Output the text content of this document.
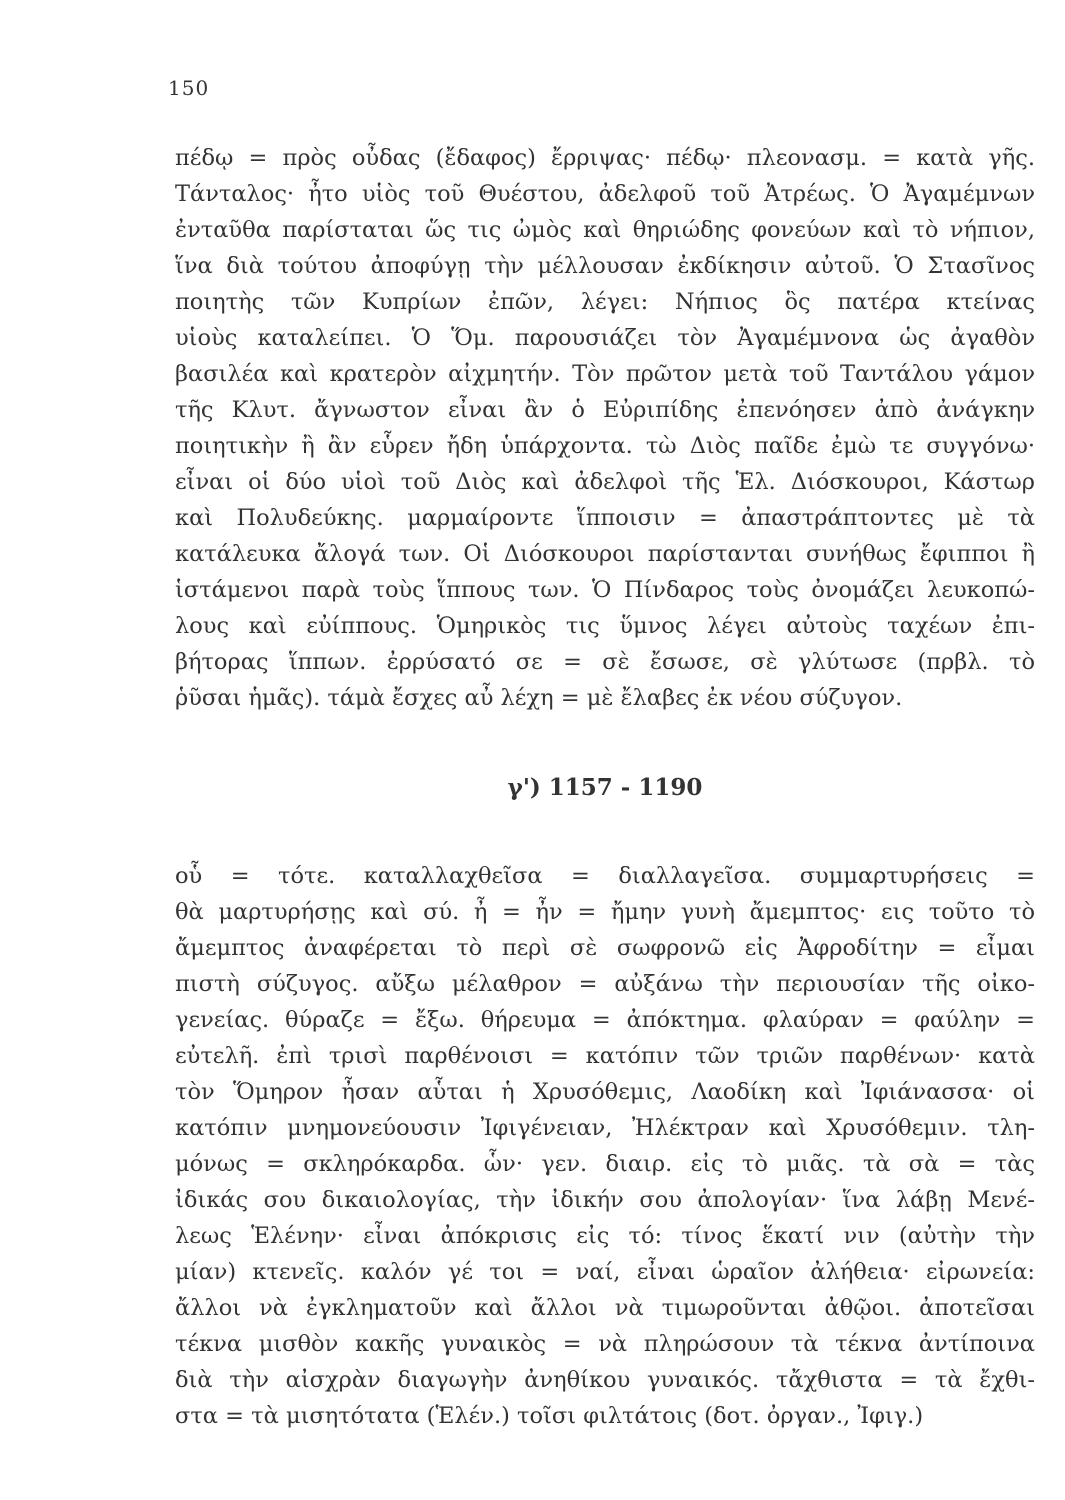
150
πέδῳ = πρὸς οὖδας (ἔδαφος) ἔρριψας· πέδῳ· πλεονασμ. = κατὰ γῆς.
Τάνταλος· ἦτο υἱὸς τοῦ Θυέστου, ἀδελφοῦ τοῦ Ἀτρέως. Ὁ Ἀγαμέμνων
ἐνταῦθα παρίσταται ὥς τις ὠμὸς καὶ θηριώδης φονεύων καὶ τὸ νήπιον,
ἵνα διὰ τούτου ἀποφύγῃ τὴν μέλλουσαν ἐκδίκησιν αὐτοῦ. Ὁ Στασῖνος
ποιητὴς τῶν Κυπρίων ἐπῶν, λέγει: Νήπιος ὃς πατέρα κτείνας
υἱοὺς καταλείπει. Ὁ Ὅμ. παρουσιάζει τὸν Ἀγαμέμνονα ὡς ἀγαθὸν
βασιλέα καὶ κρατερὸν αἰχμητήν. Τὸν πρῶτον μετὰ τοῦ Ταντάλου γάμον
τῆς Κλυτ. ἄγνωστον εἶναι ἂν ὁ Εὐριπίδης ἐπενόησεν ἀπὸ ἀνάγκην
ποιητικὴν ἢ ἂν εὗρεν ἤδη ὑπάρχοντα. τὼ Διὸς παῖδε ἐμὼ τε συγγόνω·
εἶναι οἱ δύο υἱοὶ τοῦ Διὸς καὶ ἀδελφοὶ τῆς Ἑλ. Διόσκουροι, Κάστωρ
καὶ Πολυδεύκης. μαρμαίροντε ἵπποισιν = ἀπαστράπτοντες μὲ τὰ
κατάλευκα ἄλογά των. Οἱ Διόσκουροι παρίστανται συνήθως ἔφιπποι ἢ
ἱστάμενοι παρὰ τοὺς ἵππους των. Ὁ Πίνδαρος τοὺς ὀνομάζει λευκοπώ-
λους καὶ εὐίππους. Ὁμηρικὸς τις ὕμνος λέγει αὐτοὺς ταχέων ἐπι-
βήτορας ἵππων. ἐρρύσατό σε = σὲ ἔσωσε, σὲ γλύτωσε (πρβλ. τὸ
ῥῦσαι ἡμᾶς). τάμὰ ἔσχες αὖ λέχη = μὲ ἔλαβες ἐκ νέου σύζυγον.
γ') 1157 - 1190
οὗ = τότε. καταλλαχθεῖσα = διαλλαγεῖσα. συμμαρτυρήσεις =
θὰ μαρτυρήσῃς καὶ σύ. ἦ = ἦν = ἤμην γυνὴ ἄμεμπτος· εις τοῦτο τὸ
ἄμεμπτος ἀναφέρεται τὸ περὶ σὲ σωφρονῶ εἰς Ἀφροδίτην = εἶμαι
πιστὴ σύζυγος. αὔξω μέλαθρον = αὐξάνω τὴν περιουσίαν τῆς οἰκο-
γενείας. θύραζε = ἔξω. θήρευμα = ἀπόκτημα. φλαύραν = φαύλην =
εὐτελῆ. ἐπὶ τρισὶ παρθένοισι = κατόπιν τῶν τριῶν παρθένων· κατὰ
τὸν Ὅμηρον ἦσαν αὗται ἡ Χρυσόθεμις, Λαοδίκη καὶ Ἰφιάνασσα· οἱ
κατόπιν μνημονεύουσιν Ἰφιγένειαν, Ἠλέκτραν καὶ Χρυσόθεμιν. τλη-
μόνως = σκληρόκαρδα. ὧν· γεν. διαιρ. εἰς τὸ μιᾶς. τὰ σὰ = τὰς
ἰδικάς σου δικαιολογίας, τὴν ἰδικήν σου ἀπολογίαν· ἵνα λάβῃ Μενέ-
λεως Ἑλένην· εἶναι ἀπόκρισις εἰς τό: τίνος ἕκατί νιν (αὐτὴν τὴν
μίαν) κτενεῖς. καλόν γέ τοι = ναί, εἶναι ὡραῖον ἀλήθεια· εἰρωνεία:
ἄλλοι νὰ ἐγκληματοῦν καὶ ἄλλοι νὰ τιμωροῦνται ἀθῷοι. ἀποτεῖσαι
τέκνα μισθὸν κακῆς γυναικὸς = νὰ πληρώσουν τὰ τέκνα ἀντίποινα
διὰ τὴν αἰσχρὰν διαγωγὴν ἀνηθίκου γυναικός. τἄχθιστα = τὰ ἔχθι-
στα = τὰ μισητότατα (Ἑλέν.) τοῖσι φιλτάτοις (δοτ. ὀργαν., Ἰφιγ.)
